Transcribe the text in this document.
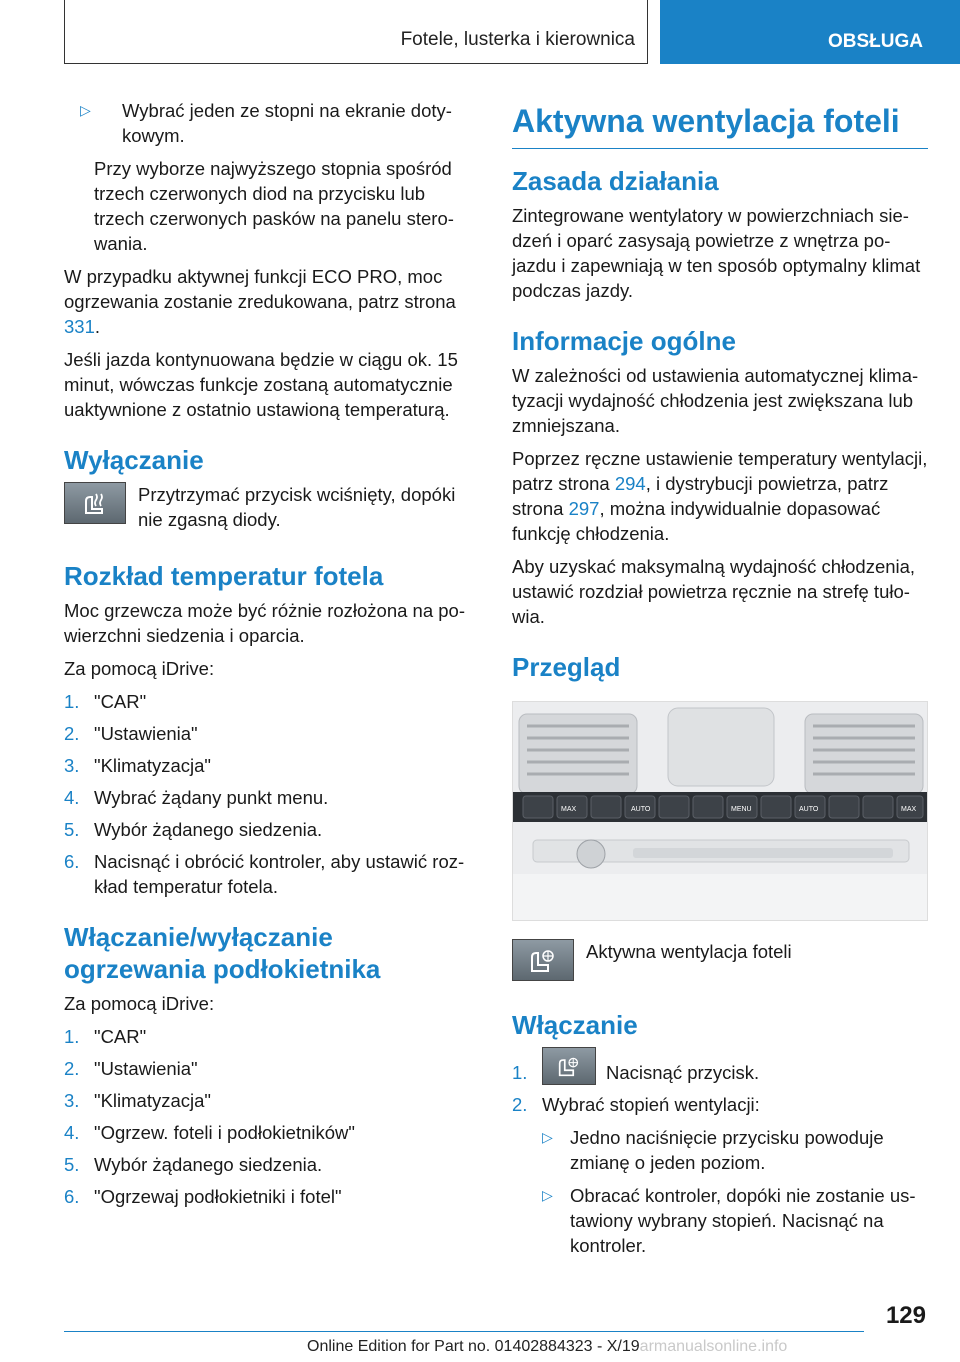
Fotele, lusterka i kierownica	OBSŁUGA
▷ Wybrać jeden ze stopni na ekranie dotykowym.

Przy wyborze najwyższego stopnia spośród trzech czerwonych diod na przycisku lub trzech czerwonych pasków na panelu sterowania.

W przypadku aktywnej funkcji ECO PRO, moc ogrzewania zostanie zredukowana, patrz strona 331.

Jeśli jazda kontynuowana będzie w ciągu ok. 15 minut, wówczas funkcje zostaną automatycznie uaktywnione z ostatnio ustawioną temperaturą.

Wyłączanie
Przytrzymać przycisk wciśnięty, dopóki nie zgasną diody.
Rozkład temperatur fotela

Moc grzewcza może być różnie rozłożona na powierzchni siedzenia i oparcia.

Za pomocą iDrive:

1. "CAR"
2. "Ustawienia"
3. "Klimatyzacja"
4. Wybrać żądany punkt menu.
5. Wybór żądanego siedzenia.
6. Nacisnąć i obrócić kontroler, aby ustawić rozkład temperatur fotela.
Włączanie/wyłączanie ogrzewania podłokietnika

Za pomocą iDrive:

1. "CAR"
2. "Ustawienia"
3. "Klimatyzacja"
4. "Ogrzew. foteli i podłokietników"
5. Wybór żądanego siedzenia.
6. "Ogrzewaj podłokietniki i fotel"
Aktywna wentylacja foteli
Zasada działania

Zintegrowane wentylatory w powierzchniach siedzeń i oparć zasysają powietrze z wnętrza pojazdu i zapewniają w ten sposób optymalny klimat podczas jazdy.

Informacje ogólne

W zależności od ustawienia automatycznej klimatyzacji wydajność chłodzenia jest zwiększana lub zmniejszana.

Poprzez ręczne ustawienie temperatury wentylacji, patrz strona 294, i dystrybucji powietrza, patrz strona 297, można indywidualnie dopasować funkcję chłodzenia.

Aby uzyskać maksymalną wydajność chłodzenia, ustawić rozdział powietrza ręcznie na strefę tułowia.

Przegląd
MAX	AUTO	MENU	AUTO	MAX
Aktywna wentylacja foteli
Włączanie
1.	Nacisnąć przycisk.
2. Wybrać stopień wentylacji:
▷ Jedno naciśnięcie przycisku powoduje zmianę o jeden poziom.
▷ Obracać kontroler, dopóki nie zostanie ustawiony wybrany stopień. Nacisnąć na kontroler.
129
Online Edition for Part no. 01402884323 - X/19armanualsonline.info
